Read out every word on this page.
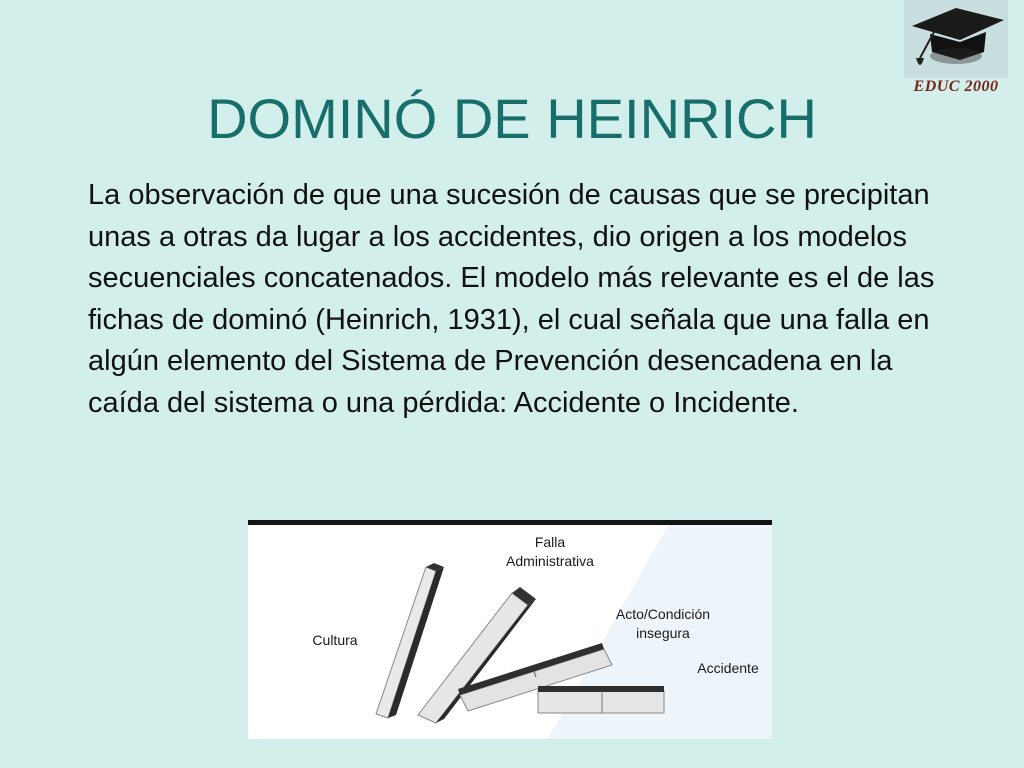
EDUC 2000
DOMINÓ DE HEINRICH

La observación de que una sucesión de causas que se precipitan unas a otras da lugar a los accidentes, dio origen a los modelos secuenciales concatenados. El modelo más relevante es el de las fichas de dominó (Heinrich, 1931), el cual señala que una falla en algún elemento del Sistema de Prevención desencadena en la caída del sistema o una pérdida: Accidente o Incidente.

Falla
Administrativa
Cultura
Acto/Condición
insegura
Accidente
